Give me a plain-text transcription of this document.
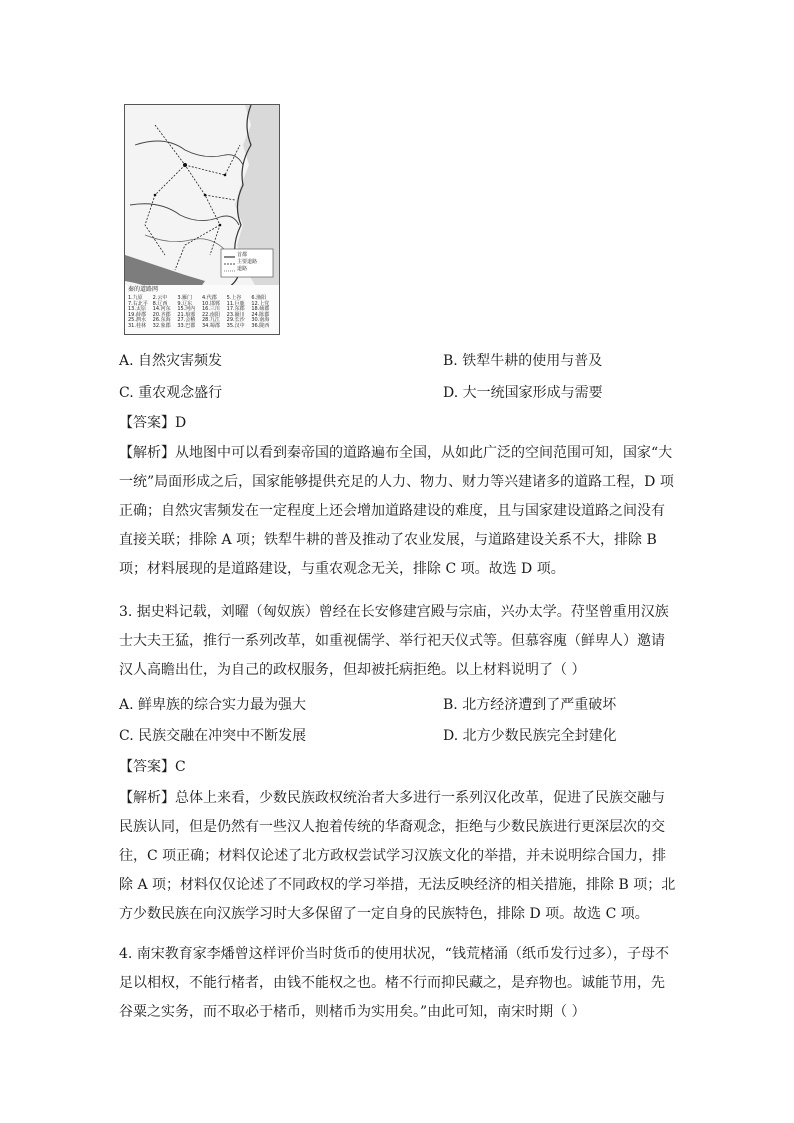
首都
主要道路
道路
秦的道路网
1.九原	2.云中	3.雁门	4.代郡	5.上谷	6.渔阳
7.右北平 8.辽西	9.辽东	10.邯郸	11.巨鹿	12.上党
13.太原	14.河东	15.河内	16.三川	17.东郡	18.砀郡
19.薛郡	20.齐郡	21.琅邪	22.南阳	23.颍川	24.陈郡
25.泗水	26.东海	27.会稽	28.九江	29.长沙	30.南海
31.桂林	32.象郡	33.巴郡	34.蜀郡	35.汉中	36.陇西
A. 自然灾害频发	B. 铁犁牛耕的使用与普及
C. 重农观念盛行	D. 大一统国家形成与需要
【答案】D
【解析】从地图中可以看到秦帝国的道路遍布全国，从如此广泛的空间范围可知，国家“大
一统”局面形成之后，国家能够提供充足的人力、物力、财力等兴建诸多的道路工程，D 项
正确；自然灾害频发在一定程度上还会增加道路建设的难度，且与国家建设道路之间没有
直接关联；排除 A 项；铁犁牛耕的普及推动了农业发展，与道路建设关系不大，排除 B
项；材料展现的是道路建设，与重农观念无关，排除 C 项。故选 D 项。
3. 据史料记载，刘曜（匈奴族）曾经在长安修建宫殿与宗庙，兴办太学。苻坚曾重用汉族
士大夫王猛，推行一系列改革，如重视儒学、举行祀天仪式等。但慕容廆（鲜卑人）邀请
汉人高瞻出仕，为自己的政权服务，但却被托病拒绝。以上材料说明了（ ）
A. 鲜卑族的综合实力最为强大	B. 北方经济遭到了严重破坏
C. 民族交融在冲突中不断发展	D. 北方少数民族完全封建化
【答案】C
【解析】总体上来看，少数民族政权统治者大多进行一系列汉化改革，促进了民族交融与
民族认同，但是仍然有一些汉人抱着传统的华裔观念，拒绝与少数民族进行更深层次的交
往，C 项正确；材料仅论述了北方政权尝试学习汉族文化的举措，并未说明综合国力，排
除 A 项；材料仅仅论述了不同政权的学习举措，无法反映经济的相关措施，排除 B 项；北
方少数民族在向汉族学习时大多保留了一定自身的民族特色，排除 D 项。故选 C 项。
4. 南宋教育家李燔曾这样评价当时货币的使用状况，“钱荒楮涌（纸币发行过多），子母不
足以相权，不能行楮者，由钱不能权之也。楮不行而抑民藏之，是弃物也。诚能节用，先
谷粟之实务，而不取必于楮币，则楮币为实用矣。”由此可知，南宋时期（ ）
